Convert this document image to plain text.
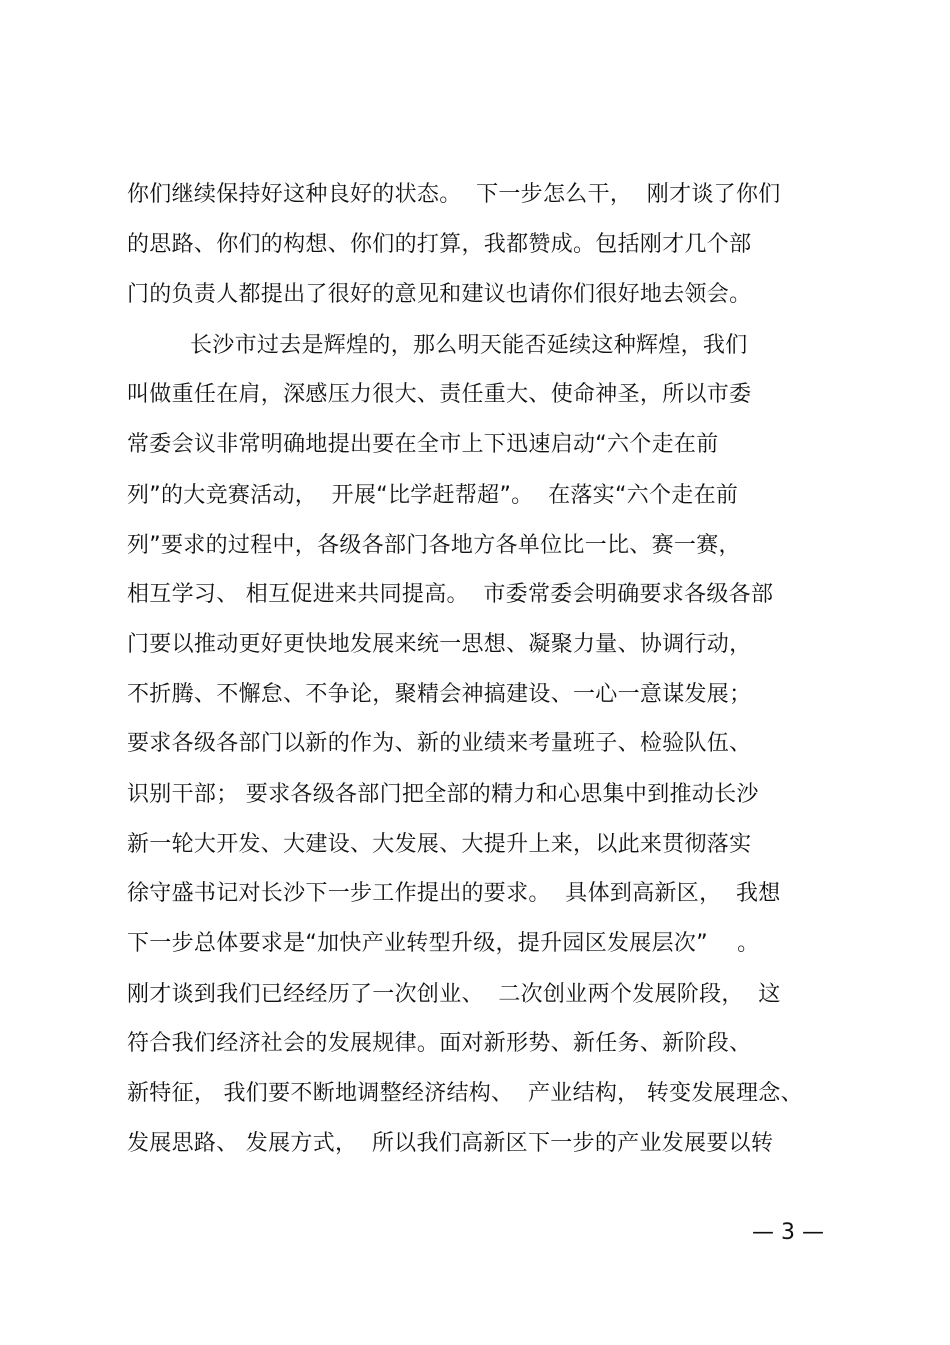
你们继续保持好这种良好的状态。  下一步怎么干，  刚才谈了你们
的思路、你们的构想、你们的打算，我都赞成。包括刚才几个部
门的负责人都提出了很好的意见和建议也请你们很好地去领会。
长沙市过去是辉煌的，那么明天能否延续这种辉煌，我们
叫做重任在肩，深感压力很大、责任重大、使命神圣，所以市委
常委会议非常明确地提出要在全市上下迅速启动“六个走在前
列”的大竞赛活动，  开展“比学赶帮超”。  在落实“六个走在前
列”要求的过程中，各级各部门各地方各单位比一比、赛一赛，
相互学习、 相互促进来共同提高。  市委常委会明确要求各级各部
门要以推动更好更快地发展来统一思想、凝聚力量、协调行动，
不折腾、不懈怠、不争论，聚精会神搞建设、一心一意谋发展；
要求各级各部门以新的作为、新的业绩来考量班子、检验队伍、
识别干部； 要求各级各部门把全部的精力和心思集中到推动长沙
新一轮大开发、大建设、大发展、大提升上来，以此来贯彻落实
徐守盛书记对长沙下一步工作提出的要求。  具体到高新区，  我想
下一步总体要求是“加快产业转型升级，提升园区发展层次”    。
刚才谈到我们已经经历了一次创业、  二次创业两个发展阶段，  这
符合我们经济社会的发展规律。面对新形势、新任务、新阶段、
新特征， 我们要不断地调整经济结构、  产业结构， 转变发展理念、
发展思路、 发展方式，  所以我们高新区下一步的产业发展要以转
— 3 —
